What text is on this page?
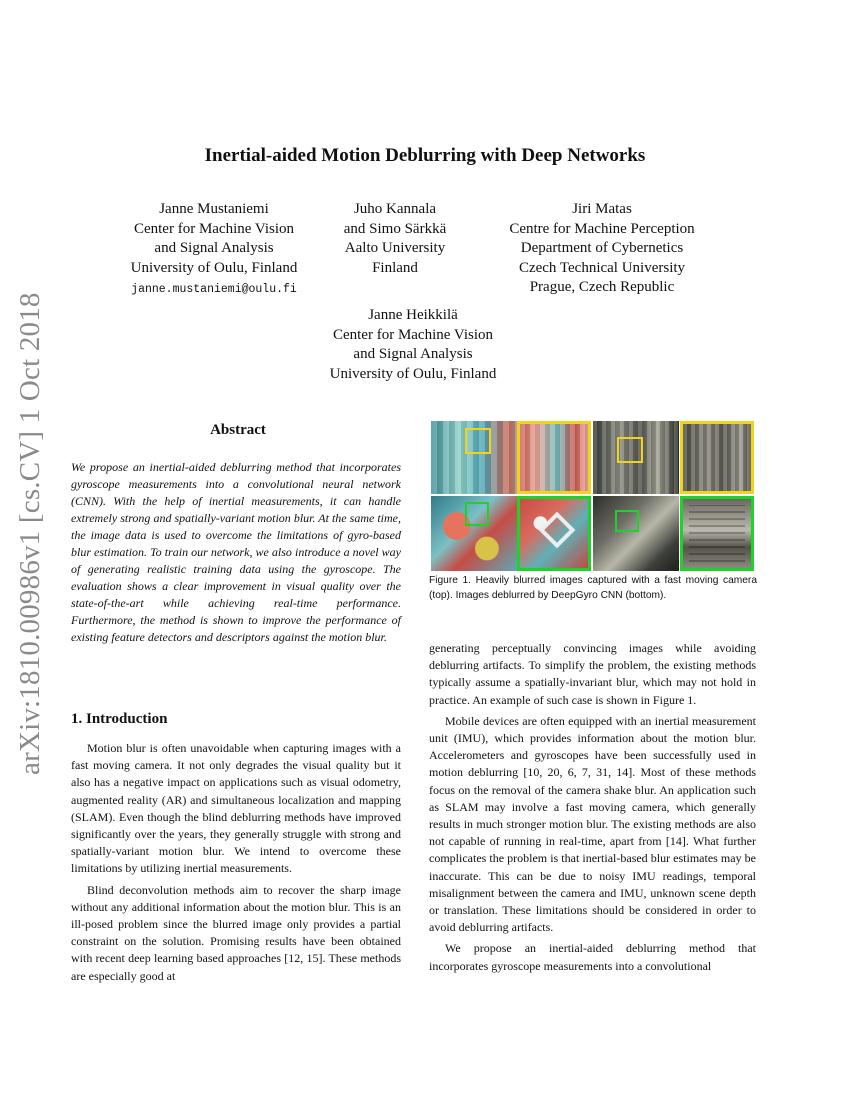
Inertial-aided Motion Deblurring with Deep Networks
Janne Mustaniemi
Center for Machine Vision
and Signal Analysis
University of Oulu, Finland
janne.mustaniemi@oulu.fi
Juho Kannala
and Simo Särkkä
Aalto University
Finland
Jiri Matas
Centre for Machine Perception
Department of Cybernetics
Czech Technical University
Prague, Czech Republic
Janne Heikkilä
Center for Machine Vision
and Signal Analysis
University of Oulu, Finland
arXiv:1810.00986v1 [cs.CV] 1 Oct 2018	Abstract
We propose an inertial-aided deblurring method that incorporates gyroscope measurements into a convolutional neural network (CNN). With the help of inertial measurements, it can handle extremely strong and spatially-variant motion blur. At the same time, the image data is used to overcome the limitations of gyro-based blur estimation. To train our network, we also introduce a novel way of generating realistic training data using the gyroscope. The evaluation shows a clear improvement in visual quality over the state-of-the-art while achieving real-time performance. Furthermore, the method is shown to improve the performance of existing feature detectors and descriptors against the motion blur.
1. Introduction

Motion blur is often unavoidable when capturing images with a fast moving camera. It not only degrades the visual quality but it also has a negative impact on applications such as visual odometry, augmented reality (AR) and simultaneous localization and mapping (SLAM). Even though the blind deblurring methods have improved significantly over the years, they generally struggle with strong and spatially-variant motion blur. We intend to overcome these limitations by utilizing inertial measurements.

Blind deconvolution methods aim to recover the sharp image without any additional information about the motion blur. This is an ill-posed problem since the blurred image only provides a partial constraint on the solution. Promising results have been obtained with recent deep learning based approaches [12, 15]. These methods are especially good at

Figure 1. Heavily blurred images captured with a fast moving camera (top). Images deblurred by DeepGyro CNN (bottom).

generating perceptually convincing images while avoiding deblurring artifacts. To simplify the problem, the existing methods typically assume a spatially-invariant blur, which may not hold in practice. An example of such case is shown in Figure 1.

Mobile devices are often equipped with an inertial measurement unit (IMU), which provides information about the motion blur. Accelerometers and gyroscopes have been successfully used in motion deblurring [10, 20, 6, 7, 31, 14]. Most of these methods focus on the removal of the camera shake blur. An application such as SLAM may involve a fast moving camera, which generally results in much stronger motion blur. The existing methods are also not capable of running in real-time, apart from [14]. What further complicates the problem is that inertial-based blur estimates may be inaccurate. This can be due to noisy IMU readings, temporal misalignment between the camera and IMU, unknown scene depth or translation. These limitations should be considered in order to avoid deblurring artifacts.

We propose an inertial-aided deblurring method that incorporates gyroscope measurements into a convolutional
